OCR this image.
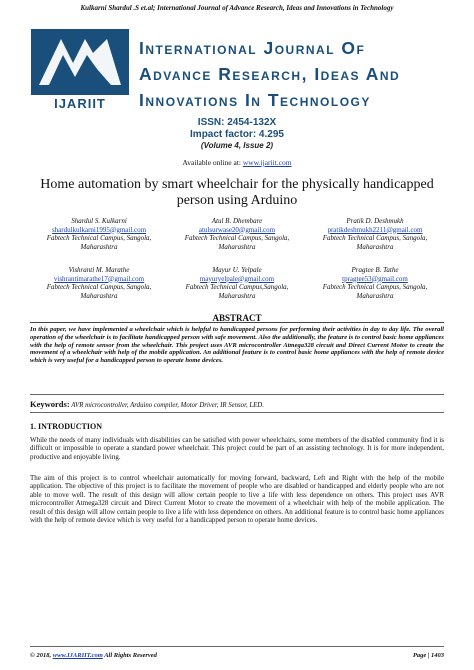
Kulkarni Shardul .S et.al; International Journal of Advance Research, Ideas and Innovations in Technology
IJARIIT
International Journal Of
Advance Research, Ideas And
Innovations In Technology
ISSN: 2454-132X
Impact factor: 4.295
(Volume 4, Issue 2)
Available online at: www.ijariit.com
Home automation by smart wheelchair for the physically handicapped person using Arduino
Shardul S. Kulkarni
shardulkulkarni1995@gmail.com
Fabtech Technical Campus, Sangola, Maharashtra
Atul B. Dhembare
atulsurwase20@gmail.com
Fabtech Technical Campus, Sangola, Maharashtra
Pratik D. Deshmukh
pratikdeshmukh2211@gmail.com
Fabtech Technical Campus, Sangola, Maharashtra
Vishranti M. Marathe
vishrantimarathe17@gmail.com
Fabtech Technical Campus, Sangola, Maharashtra
Mayur U. Yelpale
mayuryelpale@gmail.com
Fabtech Technical Campus,Sangola, Maharashtra
Pragtee B. Tathe
tpragtee53@gmail.com
Fabtech Technical Campus, Sangola, Maharashtra
ABSTRACT
In this paper, we have implemented a wheelchair which is helpful to handicapped persons for performing their activities in day to day life. The overall operation of the wheelchair is to facilitate handicapped person with safe movement. Also the additionally, the feature is to control basic home appliances with the help of remote sensor from the wheelchair. This project uses AVR microcontroller Atmega328 circuit and Direct Current Motor to create the movement of a wheelchair with help of the mobile application. An additional feature is to control basic home appliances with the help of remote device which is very useful for a handicapped person to operate home devices.
Keywords: AVR microcontroller, Arduino compiler, Motor Driver, IR Sensor, LED.
1. INTRODUCTION
While the needs of many individuals with disabilities can be satisfied with power wheelchairs, some members of the disabled community find it is difficult or impossible to operate a standard power wheelchair. This project could be part of an assisting technology. It is for more independent, productive and enjoyable living.
The aim of this project is to control wheelchair automatically for moving forward, backward, Left and Right with the help of the mobile application. The objective of this project is to facilitate the movement of people who are disabled or handicapped and elderly people who are not able to move well. The result of this design will allow certain people to live a life with less dependence on others. This project uses AVR microcontroller Atmega328 circuit and Direct Current Motor to create the movement of a wheelchair with help of the mobile application. The result of this design will allow certain people to live a life with less dependence on others. An additional feature is to control basic home appliances with the help of remote device which is very useful for a handicapped person to operate home devices.
© 2018, www.IJARIIT.com All Rights Reserved	Page | 1403
